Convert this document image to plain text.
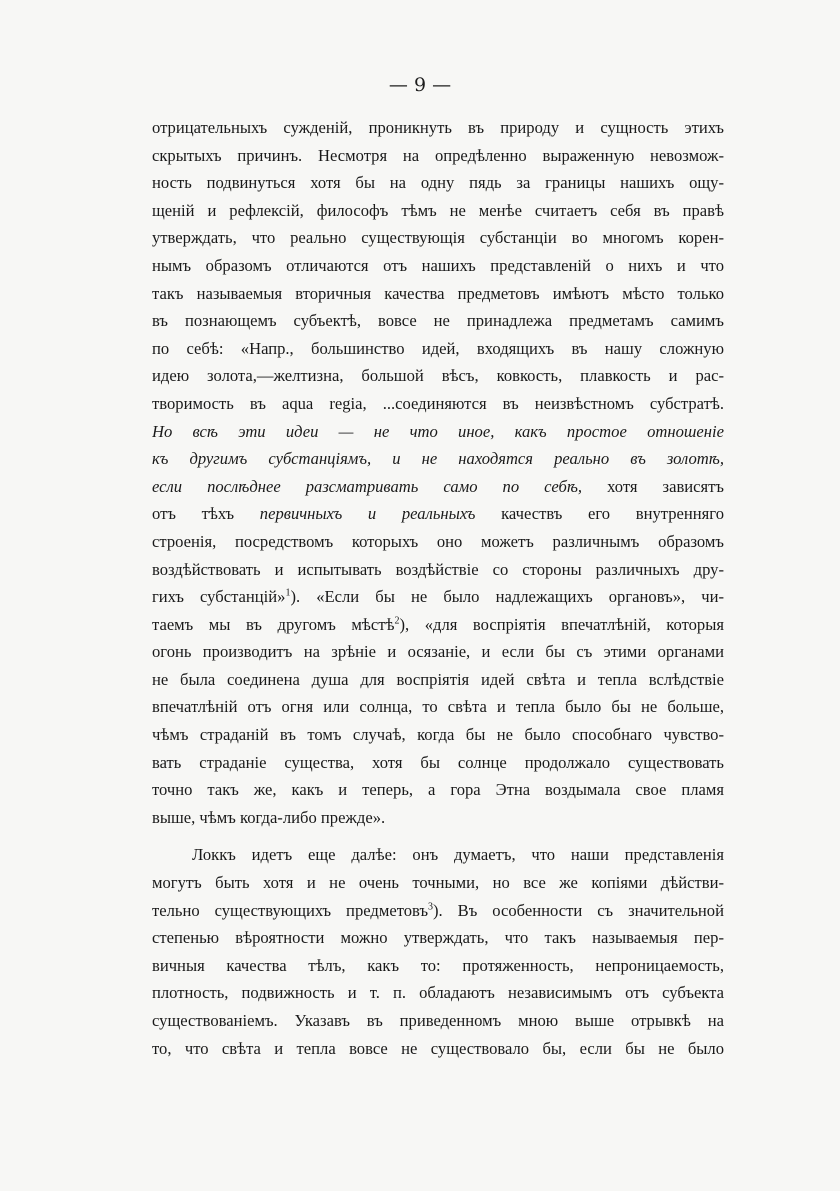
— 9 —
отрицательныхъ сужденій, проникнуть въ природу и сущность этихъ
скрытыхъ причинъ. Несмотря на опредѣленно выраженную невозмож-
ность подвинуться хотя бы на одну пядь за границы нашихъ ощу-
щеній и рефлексій, философъ тѣмъ не менѣе считаетъ себя въ правѣ
утверждать, что реально существующія субстанціи во многомъ корен-
нымъ образомъ отличаются отъ нашихъ представленій о нихъ и что
такъ называемыя вторичныя качества предметовъ имѣютъ мѣсто только
въ познающемъ субъектѣ, вовсе не принадлежа предметамъ самимъ
по себѣ: «Напр., большинство идей, входящихъ въ нашу сложную
идею золота,—желтизна, большой вѣсъ, ковкость, плавкость и рас-
творимость въ aqua regia, ...соединяются въ неизвѣстномъ субстратѣ.
Но всѣ эти идеи — не что иное, какъ простое отношеніе
къ другимъ субстанціямъ, и не находятся реально въ золотѣ,
если послѣднее разсматривать само по себѣ, хотя зависятъ
отъ тѣхъ первичныхъ и реальныхъ качествъ его внутренняго
строенія, посредствомъ которыхъ оно можетъ различнымъ образомъ
воздѣйствовать и испытывать воздѣйствіе со стороны различныхъ дру-
гихъ субстанцій»$^1$). «Если бы не было надлежащихъ органовъ», чи-
таемъ мы въ другомъ мѣстѣ$^2$), «для воспріятія впечатлѣній, которыя
огонь производитъ на зрѣніе и осязаніе, и если бы съ этими органами
не была соединена душа для воспріятія идей свѣта и тепла вслѣдствіе
впечатлѣній отъ огня или солнца, то свѣта и тепла было бы не больше,
чѣмъ страданій въ томъ случаѣ, когда бы не было способнаго чувство-
вать страданіе существа, хотя бы солнце продолжало существовать
точно такъ же, какъ и теперь, а гора Этна воздымала свое пламя
выше, чѣмъ когда-либо прежде».
Локкъ идетъ еще далѣе: онъ думаетъ, что наши представленія
могутъ быть хотя и не очень точными, но все же копіями дѣйстви-
тельно существующихъ предметовъ$^3$). Въ особенности съ значительной
степенью вѣроятности можно утверждать, что такъ называемыя пер-
вичныя качества тѣлъ, какъ то: протяженность, непроницаемость,
плотность, подвижность и т. п. обладаютъ независимымъ отъ субъекта
существованіемъ. Указавъ въ приведенномъ мною выше отрывкѣ на
то, что свѣта и тепла вовсе не существовало бы, если бы не было
